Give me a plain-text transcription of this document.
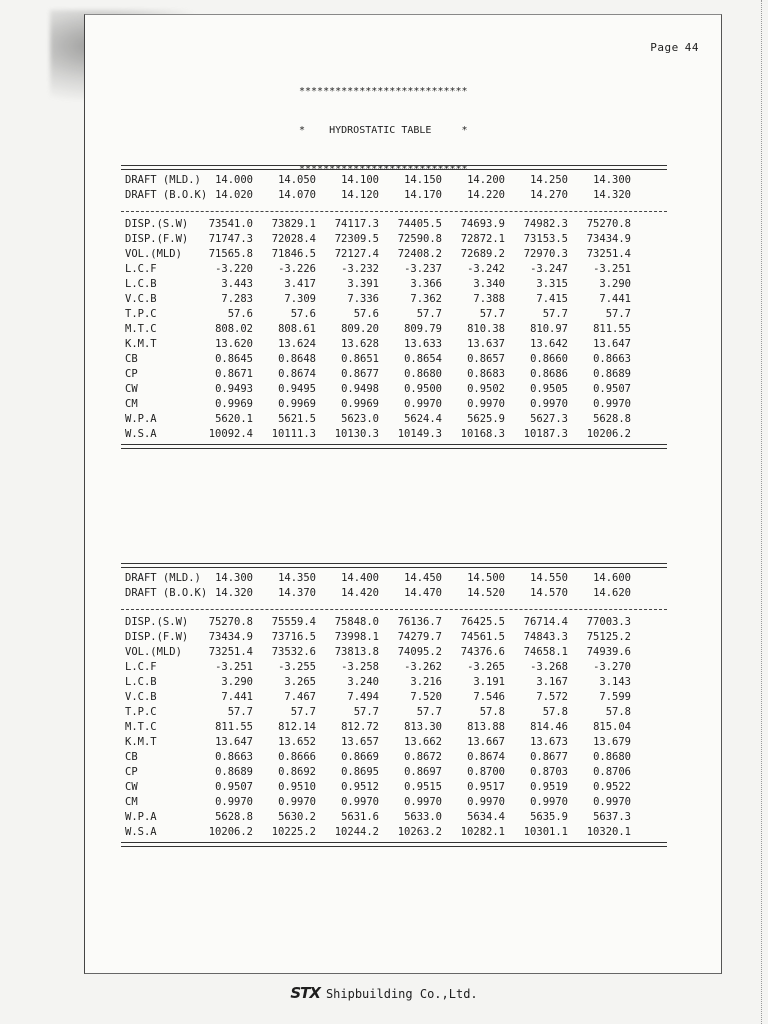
Page 44

****************************

*    HYDROSTATIC TABLE     *

****************************

DRAFT (MLD.)	14.000	14.050	14.100	14.150	14.200	14.250	14.300
DRAFT (B.O.K) 14.020	14.070	14.120	14.170	14.220	14.270	14.320
DISP.(S.W)	73541.0	73829.1	74117.3	74405.5	74693.9	74982.3	75270.8
DISP.(F.W)	71747.3	72028.4	72309.5	72590.8	72872.1	73153.5	73434.9
VOL.(MLD)	71565.8	71846.5	72127.4	72408.2	72689.2	72970.3	73251.4
L.C.F	-3.220	-3.226	-3.232	-3.237	-3.242	-3.247	-3.251
L.C.B	3.443	3.417	3.391	3.366	3.340	3.315	3.290
V.C.B	7.283	7.309	7.336	7.362	7.388	7.415	7.441
T.P.C	57.6	57.6	57.6	57.7	57.7	57.7	57.7
M.T.C	808.02	808.61	809.20	809.79	810.38	810.97	811.55
K.M.T	13.620	13.624	13.628	13.633	13.637	13.642	13.647
CB	0.8645	0.8648	0.8651	0.8654	0.8657	0.8660	0.8663
CP	0.8671	0.8674	0.8677	0.8680	0.8683	0.8686	0.8689
CW	0.9493	0.9495	0.9498	0.9500	0.9502	0.9505	0.9507
CM	0.9969	0.9969	0.9969	0.9970	0.9970	0.9970	0.9970
W.P.A	5620.1	5621.5	5623.0	5624.4	5625.9	5627.3	5628.8
W.S.A	10092.4	10111.3	10130.3	10149.3	10168.3	10187.3	10206.2
DRAFT (MLD.)	14.300	14.350	14.400	14.450	14.500	14.550	14.600
DRAFT (B.O.K) 14.320	14.370	14.420	14.470	14.520	14.570	14.620
DISP.(S.W)	75270.8	75559.4	75848.0	76136.7	76425.5	76714.4	77003.3
DISP.(F.W)	73434.9	73716.5	73998.1	74279.7	74561.5	74843.3	75125.2
VOL.(MLD)	73251.4	73532.6	73813.8	74095.2	74376.6	74658.1	74939.6
L.C.F	-3.251	-3.255	-3.258	-3.262	-3.265	-3.268	-3.270
L.C.B	3.290	3.265	3.240	3.216	3.191	3.167	3.143
V.C.B	7.441	7.467	7.494	7.520	7.546	7.572	7.599
T.P.C	57.7	57.7	57.7	57.7	57.8	57.8	57.8
M.T.C	811.55	812.14	812.72	813.30	813.88	814.46	815.04
K.M.T	13.647	13.652	13.657	13.662	13.667	13.673	13.679
CB	0.8663	0.8666	0.8669	0.8672	0.8674	0.8677	0.8680
CP	0.8689	0.8692	0.8695	0.8697	0.8700	0.8703	0.8706
CW	0.9507	0.9510	0.9512	0.9515	0.9517	0.9519	0.9522
CM	0.9970	0.9970	0.9970	0.9970	0.9970	0.9970	0.9970
W.P.A	5628.8	5630.2	5631.6	5633.0	5634.4	5635.9	5637.3
W.S.A	10206.2	10225.2	10244.2	10263.2	10282.1	10301.1	10320.1
STX Shipbuilding Co.,Ltd.
